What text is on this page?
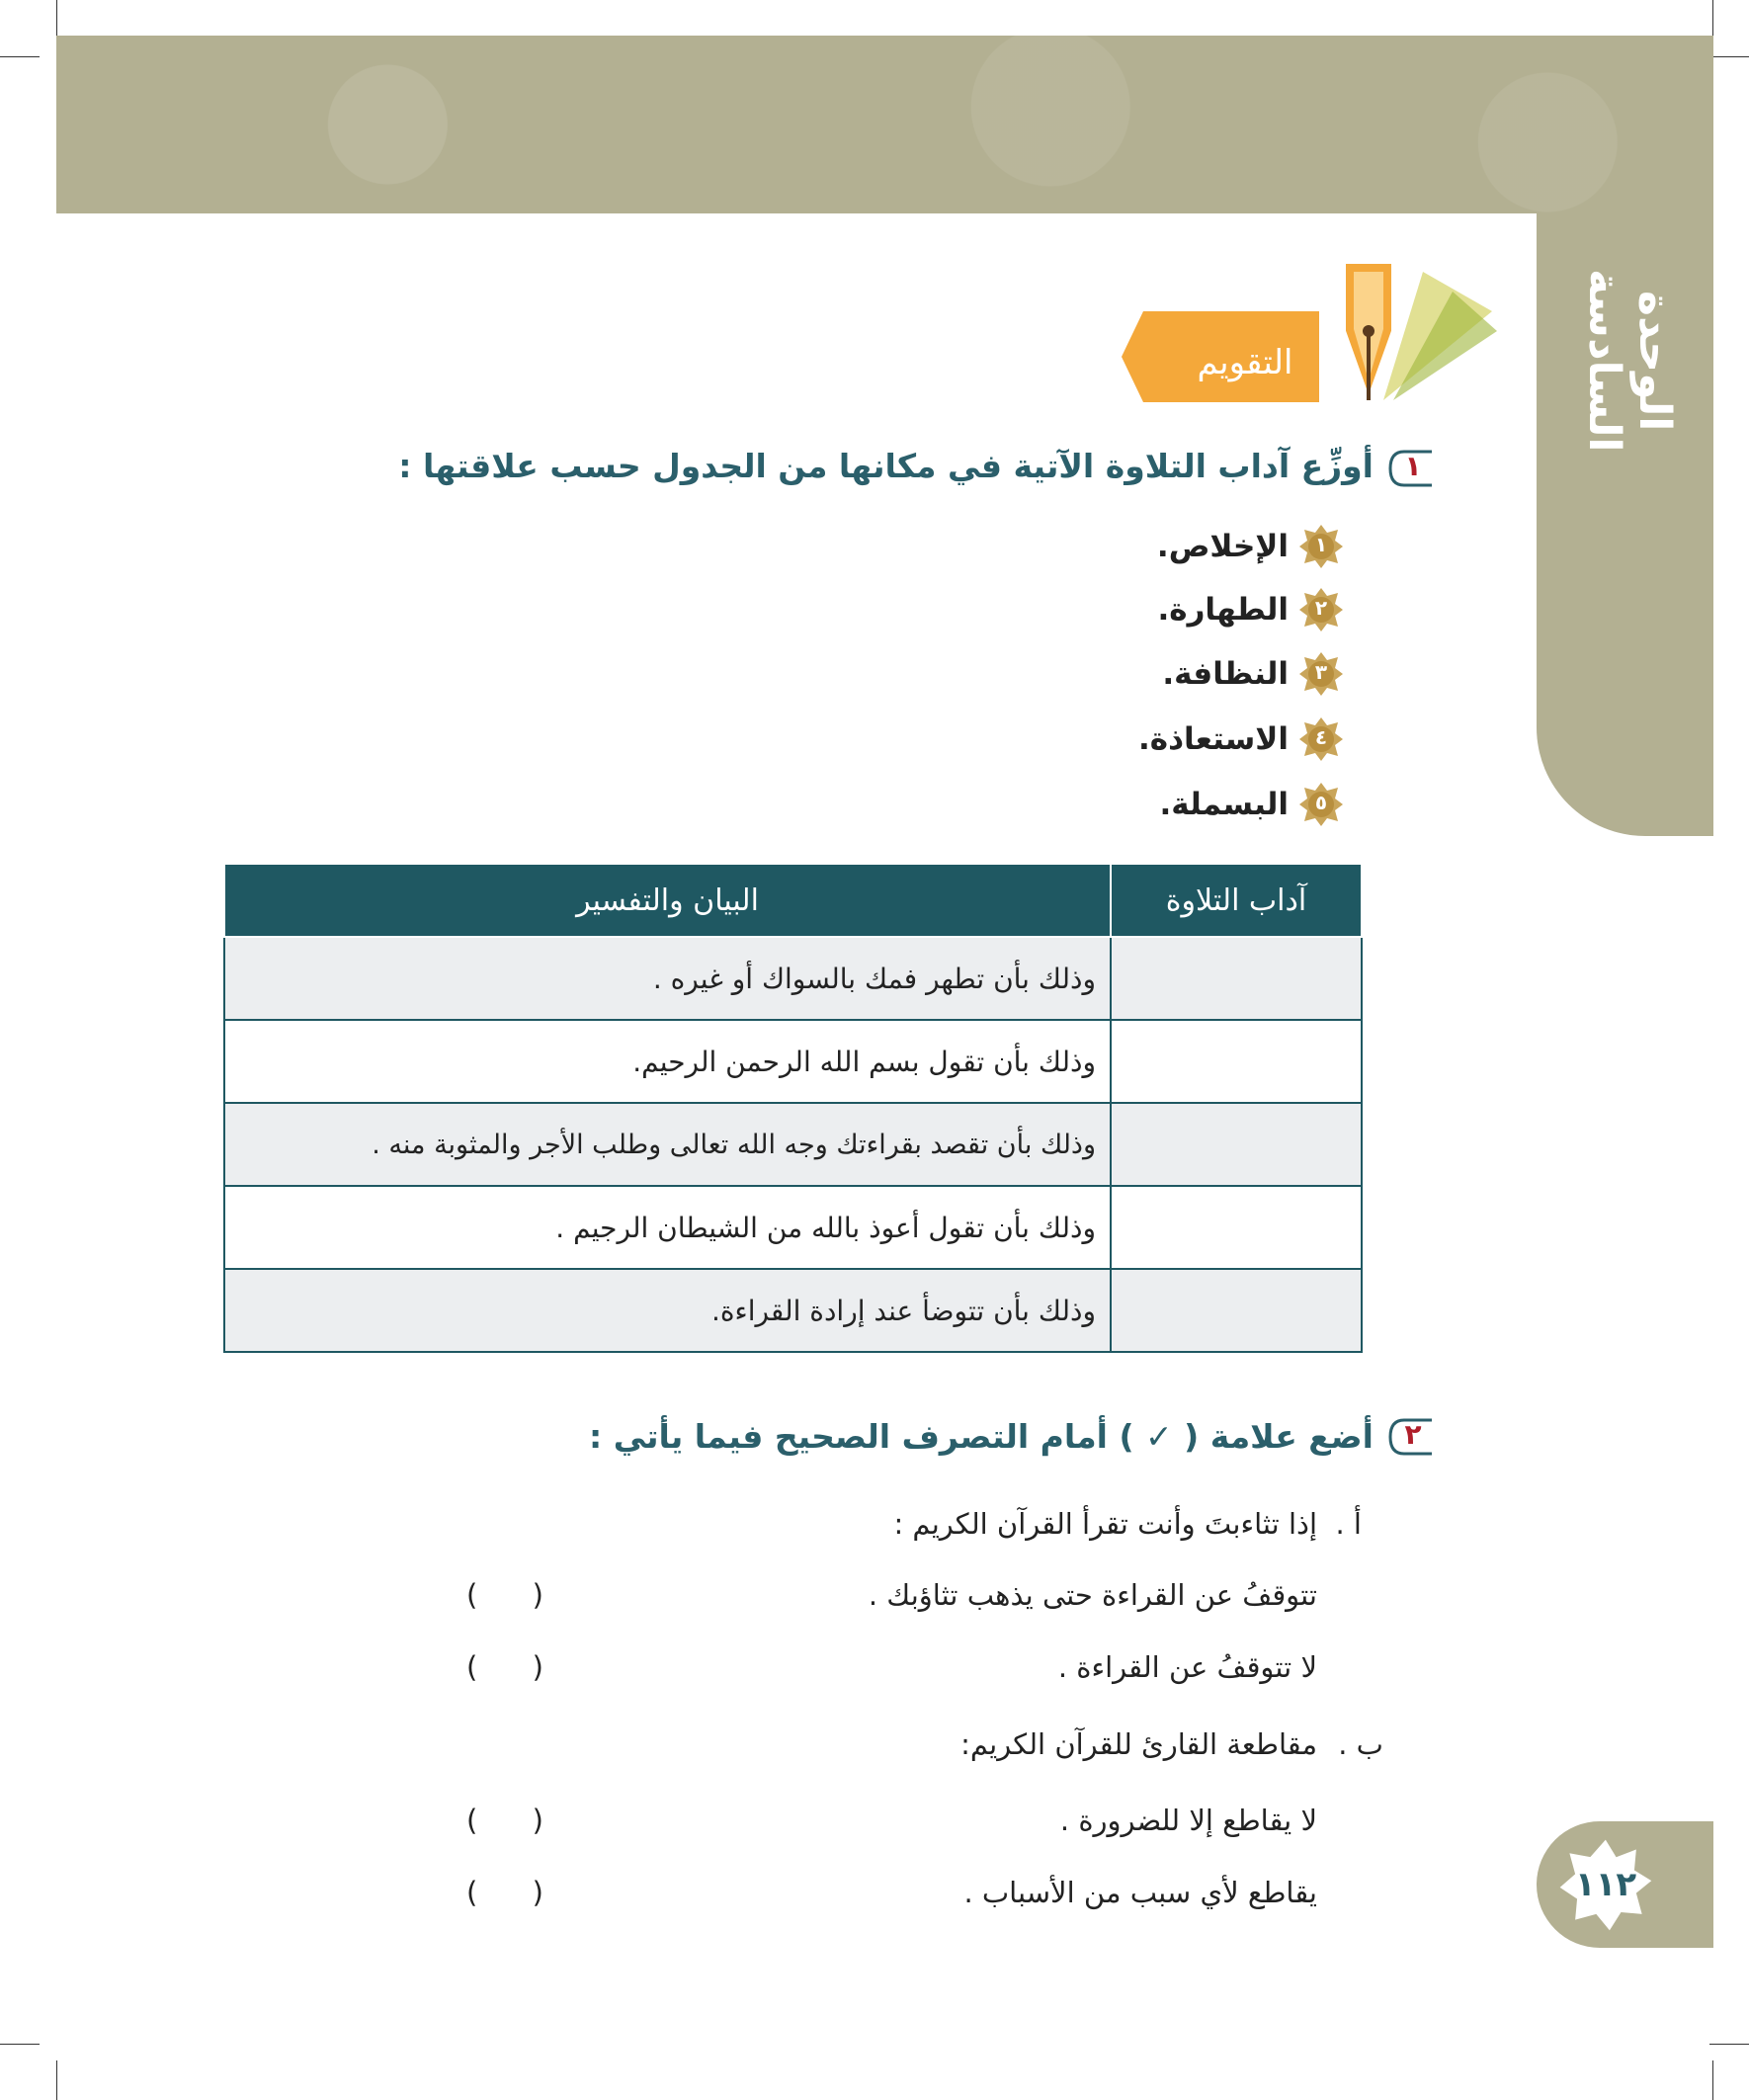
الوحدة السادسة
١١٢
التقويم
١
أوزِّع آداب التلاوة الآتية في مكانها من الجدول حسب علاقتها :
١
الإخلاص.
٢
الطهارة.
٣
النظافة.
٤
الاستعاذة.
٥
البسملة.
آداب التلاوة	البيان والتفسير
	وذلك بأن تطهر فمك بالسواك أو غيره .
	وذلك بأن تقول بسم الله الرحمن الرحيم.
	وذلك بأن تقصد بقراءتك وجه الله تعالى وطلب الأجر والمثوبة منه .
	وذلك بأن تقول أعوذ بالله من الشيطان الرجيم .
	وذلك بأن تتوضأ عند إرادة القراءة.
٢
أضع علامة ( ✓ ) أمام التصرف الصحيح فيما يأتي :
أ .
إذا تثاءبتَ وأنت تقرأ القرآن الكريم :
تتوقفُ عن القراءة حتى يذهب تثاؤبك .
(      )
لا تتوقفُ عن القراءة .
(      )
ب .
مقاطعة القارئ للقرآن الكريم:
لا يقاطع إلا للضرورة .
(      )
يقاطع لأي سبب من الأسباب .
(      )
